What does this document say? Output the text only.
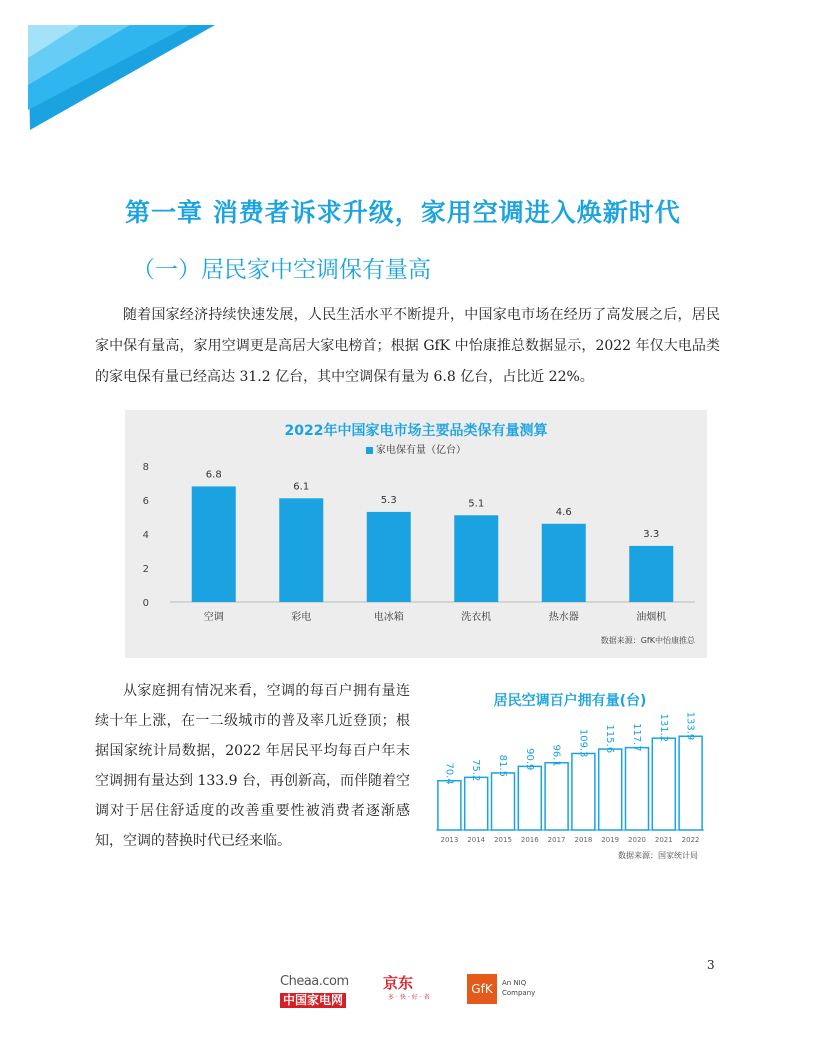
第一章 消费者诉求升级，家用空调进入焕新时代
（一）居民家中空调保有量高
随着国家经济持续快速发展，人民生活水平不断提升，中国家电市场在经历了高发展之后，居民家中保有量高，家用空调更是高居大家电榜首；根据 GfK 中怡康推总数据显示，2022 年仅大电品类的家电保有量已经高达 31.2 亿台，其中空调保有量为 6.8 亿台，占比近 22%。
2022年中国家电市场主要品类保有量测算
家电保有量（亿台）
0
2
4
6
8
6.8
空调
6.1
彩电
5.3
电冰箱
5.1
洗衣机
4.6
热水器
3.3
油烟机
数据来源：GfK中怡康推总
从家庭拥有情况来看，空调的每百户拥有量连续十年上涨，在一二级城市的普及率几近登顶；根据国家统计局数据，2022 年居民平均每百户年末空调拥有量达到 133.9 台，再创新高，而伴随着空调对于居住舒适度的改善重要性被消费者逐渐感知，空调的替换时代已经来临。
居民空调百户拥有量(台)
70.4
2013
75.2
2014
81.5
2015
90.9
2016
96.1
2017
109.3
2018
115.6
2019
117.7
2020
131.2
2021
133.9
2022
数据来源：国家统计局
3
Cheaa.com
中国家电网
京东
多·快·好·省
GfK An NIQ Company
